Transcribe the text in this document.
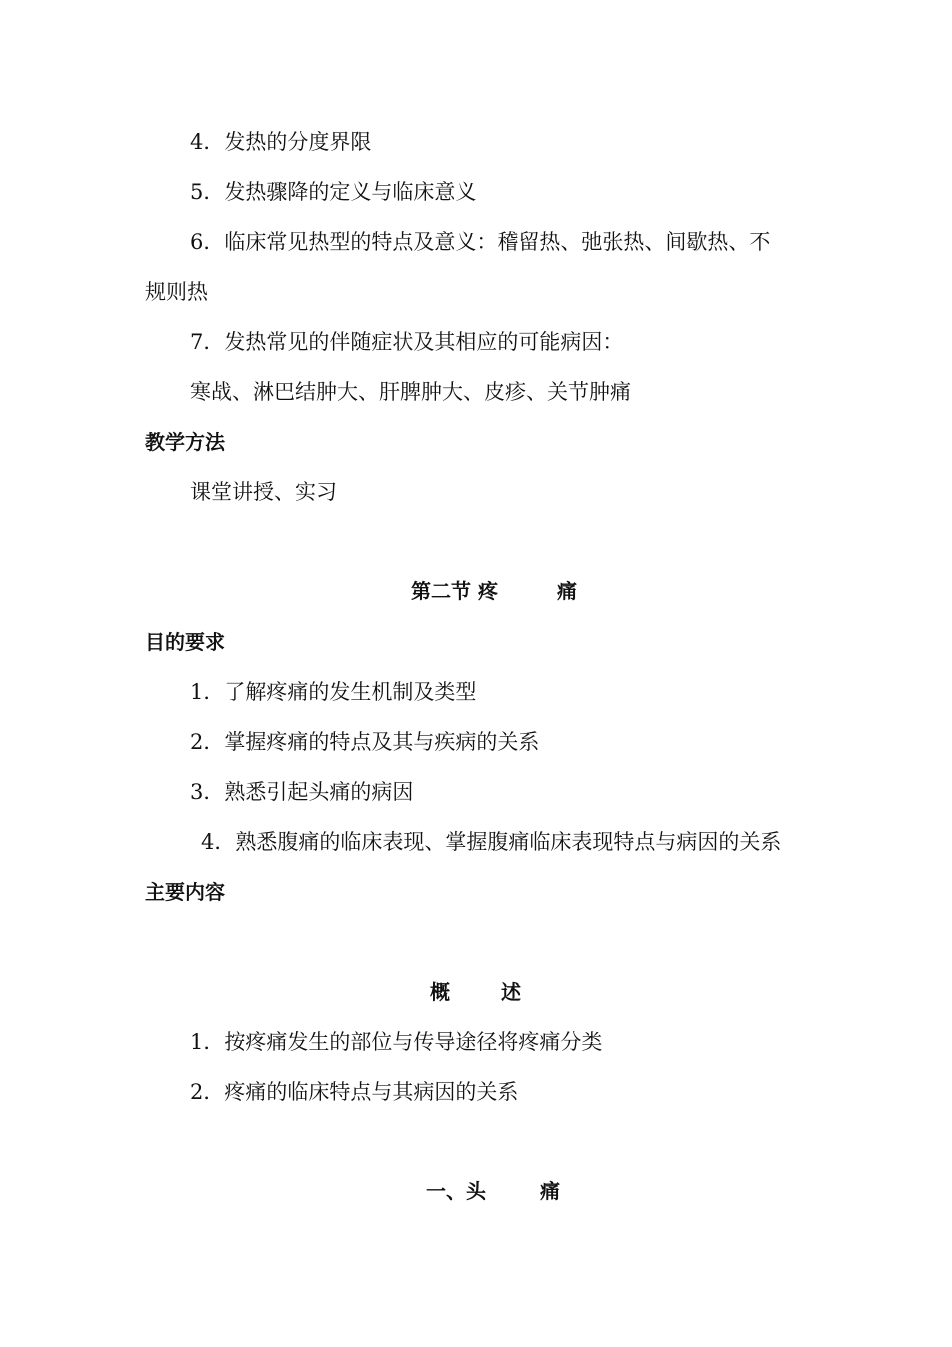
4．发热的分度界限
5．发热骤降的定义与临床意义
6．临床常见热型的特点及意义：稽留热、弛张热、间歇热、不
规则热
7．发热常见的伴随症状及其相应的可能病因：
寒战、淋巴结肿大、肝脾肿大、皮疹、关节肿痛
教学方法
课堂讲授、实习
第二节 疼	痛
目的要求
1．了解疼痛的发生机制及类型
2．掌握疼痛的特点及其与疾病的关系
3．熟悉引起头痛的病因
4．熟悉腹痛的临床表现、掌握腹痛临床表现特点与病因的关系
主要内容
概	述
1．按疼痛发生的部位与传导途径将疼痛分类
2．疼痛的临床特点与其病因的关系
一、头	痛
